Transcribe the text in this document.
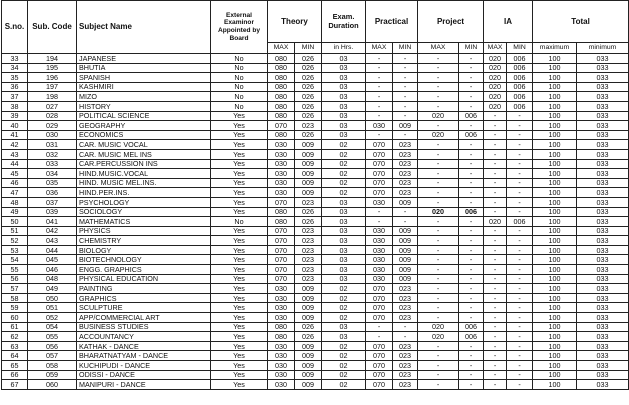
S.no.	Sub. Code	Subject Name	External Examinor Appointed by Board	Theory		Exam. Duration	Practical		Project		IA		Total	
				MAX	MIN	in Hrs.	MAX	MIN	MAX	MIN	MAX	MIN	maximum	minimum
33	194	JAPANESE	No	080	026	03	-	-	-	-	020	006	100	033
34	195	BHUTIA	No	080	026	03	-	-	-	-	020	006	100	033
35	196	SPANISH	No	080	026	03	-	-	-	-	020	006	100	033
36	197	KASHMIRI	No	080	026	03	-	-	-	-	020	006	100	033
37	198	MIZO	No	080	026	03	-	-	-	-	020	006	100	033
38	027	HISTORY	No	080	026	03	-	-	-	-	020	006	100	033
39	028	POLITICAL SCIENCE	Yes	080	026	03	-	-	020	006	-	-	100	033
40	029	GEOGRAPHY	Yes	070	023	03	030	009	-	-	-	-	100	033
41	030	ECONOMICS	Yes	080	026	03	-	-	020	006	-	-	100	033
42	031	CAR. MUSIC VOCAL	Yes	030	009	02	070	023	-	-	-	-	100	033
43	032	CAR. MUSIC MEL INS	Yes	030	009	02	070	023	-	-	-	-	100	033
44	033	CAR.PERCUSSION INS	Yes	030	009	02	070	023	-	-	-	-	100	033
45	034	HIND.MUSIC.VOCAL	Yes	030	009	02	070	023	-	-	-	-	100	033
46	035	HIND. MUSIC MEL.INS.	Yes	030	009	02	070	023	-	-	-	-	100	033
47	036	HIND.PER.INS.	Yes	030	009	02	070	023	-	-	-	-	100	033
48	037	PSYCHOLOGY	Yes	070	023	03	030	009	-	-	-	-	100	033
49	039	SOCIOLOGY	Yes	080	026	03	-	-	020	006	-	-	100	033
50	041	MATHEMATICS	No	080	026	03	-	-	-	-	020	006	100	033
51	042	PHYSICS	Yes	070	023	03	030	009	-	-	-	-	100	033
52	043	CHEMISTRY	Yes	070	023	03	030	009	-	-	-	-	100	033
53	044	BIOLOGY	Yes	070	023	03	030	009	-	-	-	-	100	033
54	045	BIOTECHNOLOGY	Yes	070	023	03	030	009	-	-	-	-	100	033
55	046	ENGG. GRAPHICS	Yes	070	023	03	030	009	-	-	-	-	100	033
56	048	PHYSICAL EDUCATION	Yes	070	023	03	030	009	-	-	-	-	100	033
57	049	PAINTING	Yes	030	009	02	070	023	-	-	-	-	100	033
58	050	GRAPHICS	Yes	030	009	02	070	023	-	-	-	-	100	033
59	051	SCULPTURE	Yes	030	009	02	070	023	-	-	-	-	100	033
60	052	APP/COMMERCIAL ART	Yes	030	009	02	070	023	-	-	-	-	100	033
61	054	BUSINESS STUDIES	Yes	080	026	03	-	-	020	006	-	-	100	033
62	055	ACCOUNTANCY	Yes	080	026	03	-	-	020	006	-	-	100	033
63	056	KATHAK - DANCE	Yes	030	009	02	070	023	-	-	-	-	100	033
64	057	BHARATNATYAM - DANCE	Yes	030	009	02	070	023	-	-	-	-	100	033
65	058	KUCHIPUDI - DANCE	Yes	030	009	02	070	023	-	-	-	-	100	033
66	059	ODISSI - DANCE	Yes	030	009	02	070	023	-	-	-	-	100	033
67	060	MANIPURI - DANCE	Yes	030	009	02	070	023	-	-	-	-	100	033
